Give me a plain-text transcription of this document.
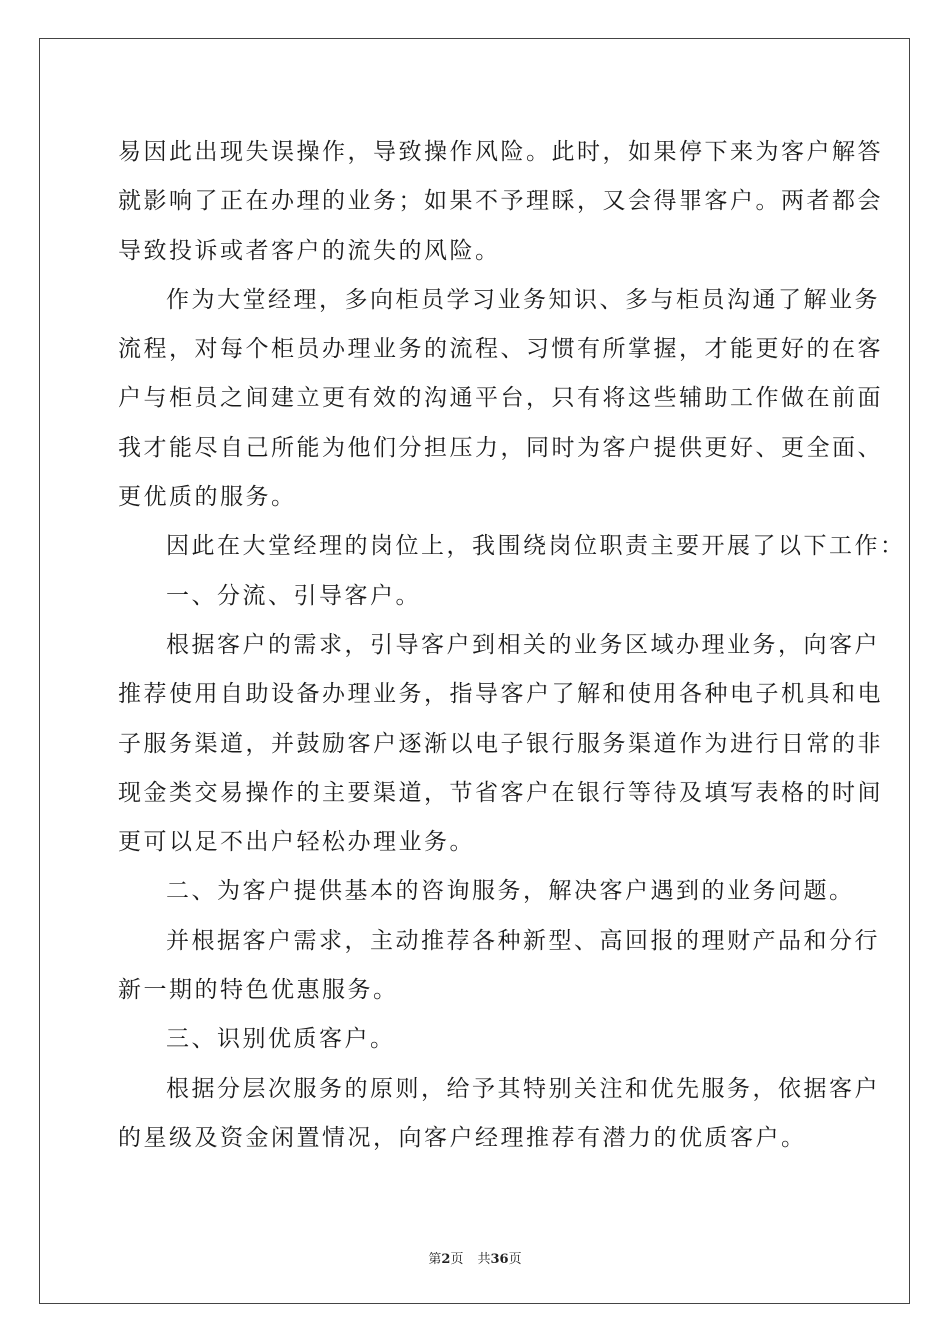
易因此出现失误操作，导致操作风险。此时，如果停下来为客户解答
就影响了正在办理的业务；如果不予理睬，又会得罪客户。两者都会
导致投诉或者客户的流失的风险。
作为大堂经理，多向柜员学习业务知识、多与柜员沟通了解业务
流程，对每个柜员办理业务的流程、习惯有所掌握，才能更好的在客
户与柜员之间建立更有效的沟通平台，只有将这些辅助工作做在前面
我才能尽自己所能为他们分担压力，同时为客户提供更好、更全面、
更优质的服务。
因此在大堂经理的岗位上，我围绕岗位职责主要开展了以下工作：
一、分流、引导客户。
根据客户的需求，引导客户到相关的业务区域办理业务，向客户
推荐使用自助设备办理业务，指导客户了解和使用各种电子机具和电
子服务渠道，并鼓励客户逐渐以电子银行服务渠道作为进行日常的非
现金类交易操作的主要渠道，节省客户在银行等待及填写表格的时间
更可以足不出户轻松办理业务。
二、为客户提供基本的咨询服务，解决客户遇到的业务问题。
并根据客户需求，主动推荐各种新型、高回报的理财产品和分行
新一期的特色优惠服务。
三、识别优质客户。
根据分层次服务的原则，给予其特别关注和优先服务，依据客户
的星级及资金闲置情况，向客户经理推荐有潜力的优质客户。
第2页 共36页
